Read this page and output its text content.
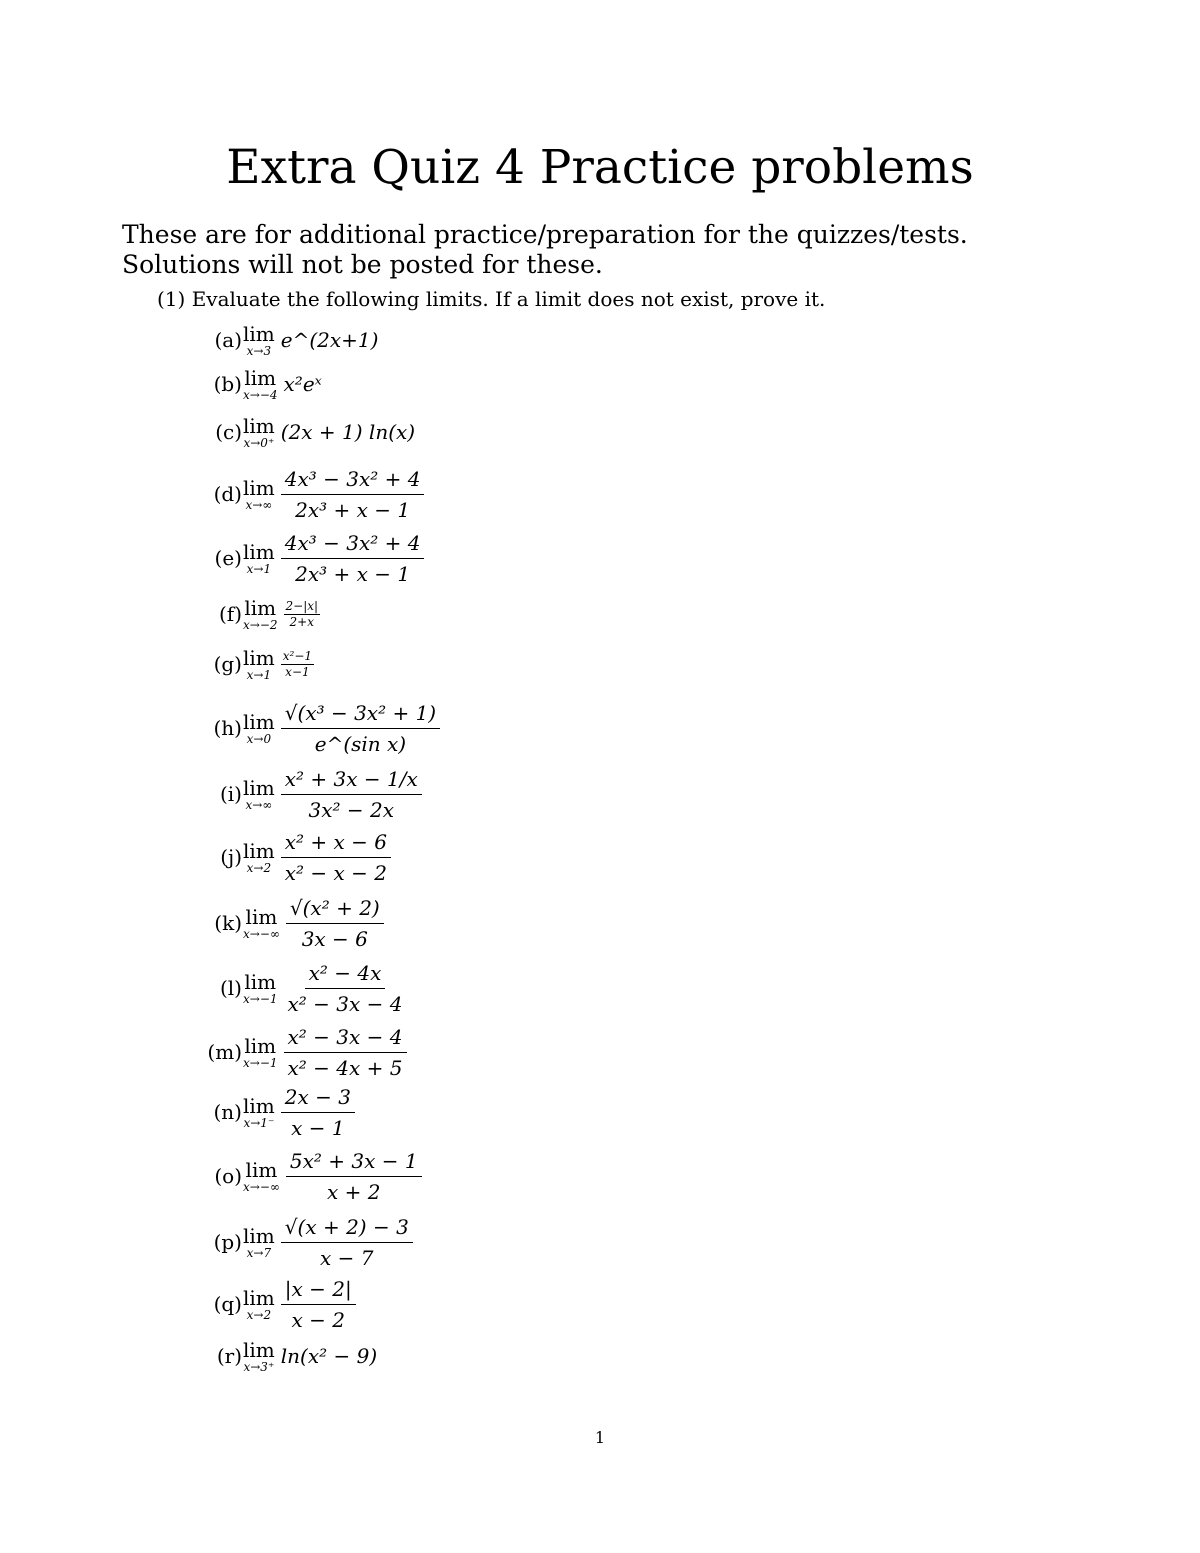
Extra Quiz 4 Practice problems
These are for additional practice/preparation for the quizzes/tests. Solutions will not be posted for these.
(1) Evaluate the following limits. If a limit does not exist, prove it.
(a) lim
x→3 e^(2x+1)
(b) lim
x→−4 x²eˣ
(c) lim
x→0⁺ (2x + 1) ln(x)
(d) lim
$x\to\infty \frac{\text{4x³ − 3x² + 4}}{\text{2x³ + x − 1}}$
(e) lim
$x\to 1 \frac{\text{4x³ − 3x² + 4}}{\text{2x³ + x − 1}}$
(f) lim
$x\to-2 \frac{2-|x|}{2+x}$
(g) lim
$x\to 1 \frac{\text{x²−1}}{x-1}$
(h) lim
$x\to 0 \frac{\text{√(x³ − 3x² + 1)}}{\text{e\textasciicircum{}(sin x)}}$
(i) lim
$x\to\infty \frac{\text{x² + 3x − 1/x}}{\text{3x² − 2x}}$
(j) lim
$x\to 2 \frac{\text{x² + x − 6}}{\text{x² − x − 2}}$
(k) lim
$x\to-\infty \frac{\text{√(x² + 2)}}{3x - 6}$
(l) lim
$x\to-1 \frac{\text{x² − 4x}}{\text{x² − 3x − 4}}$
(m) lim
$x\to-1 \frac{\text{x² − 3x − 4}}{\text{x² − 4x + 5}}$
(n) lim
$x\to 1^- \frac{2x - 3}{x - 1}$
(o) lim
$x\to-\infty \frac{\text{5x² + 3x − 1}}{x + 2}$
(p) lim
$x\to 7 \frac{√(x + 2) - 3}{x - 7}$
(q) lim
$x\to 2 \frac{|x - 2|}{x - 2}$
(r) lim
x→3⁺ ln(x² − 9)
1
